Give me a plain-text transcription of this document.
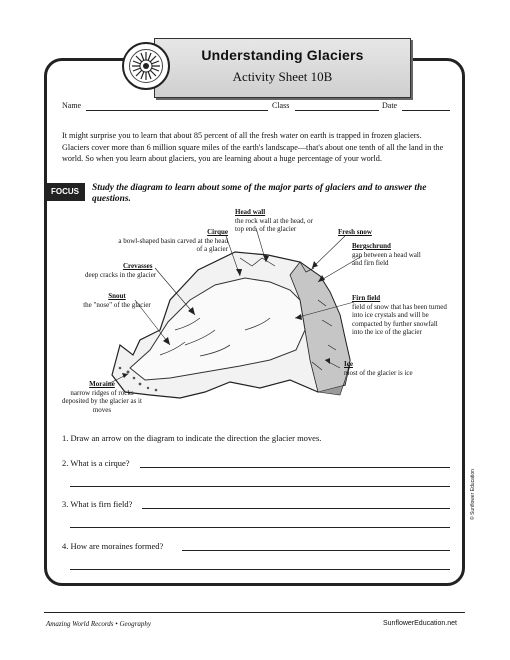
Understanding Glaciers
Activity Sheet 10B
Name	Class	Date
It might surprise you to learn that about 85 percent of all the fresh water on earth is trapped in frozen glaciers. Glaciers cover more than 6 million square miles of the earth's landscape—that's about one tenth of all the land in the world. So when you learn about glaciers, you are learning about a huge percentage of your world.
FOCUS	Study the diagram to learn about some of the major parts of glaciers and to answer the questions.
Head wall
the rock wall at the head, or top end, of the glacier
Cirque
a bowl-shaped basin carved at the head of a glacier
Fresh snow
Bergschrund
gap between a head wall and firn field
Crevasses
deep cracks in the glacier
Snout
the "nose" of the glacier
Firn field
field of snow that has been turned into ice crystals and will be compacted by further snowfall into the ice of the glacier
Ice
most of the glacier is ice
Moraine
narrow ridges of rocks deposited by the glacier as it moves
1. Draw an arrow on the diagram to indicate the direction the glacier moves.
2. What is a cirque?
3. What is firn field?
4. How are moraines formed?
© Sunflower Education
Amazing World Records • Geography	SunflowerEducation.net
